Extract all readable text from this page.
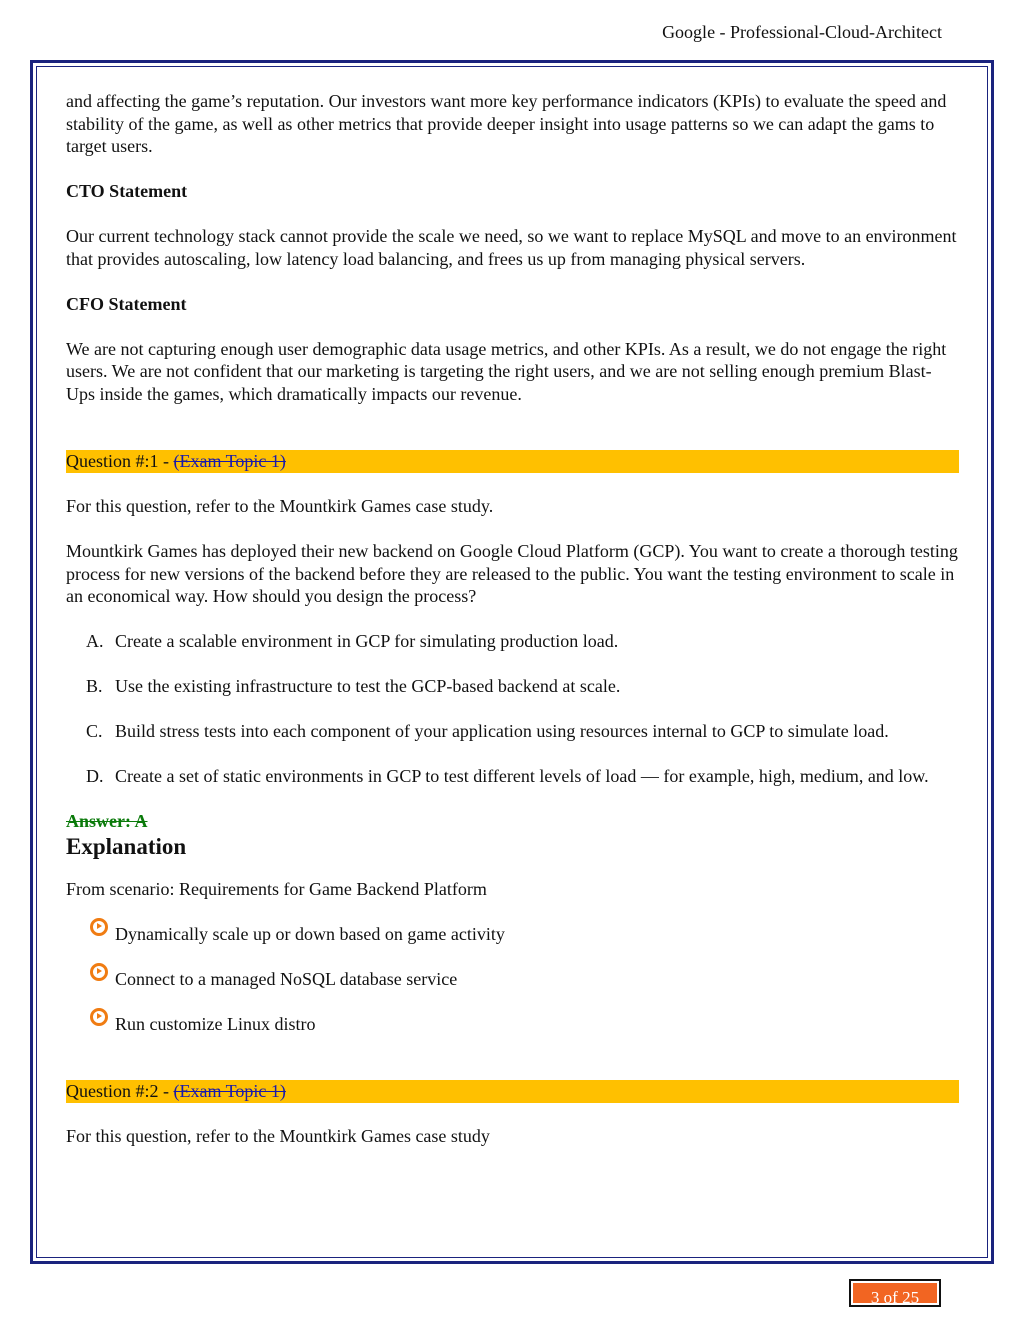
Google - Professional-Cloud-Architect

and affecting the game’s reputation. Our investors want more key performance indicators (KPIs) to evaluate the speed and stability of the game, as well as other metrics that provide deeper insight into usage patterns so we can adapt the gams to target users.

CTO Statement

Our current technology stack cannot provide the scale we need, so we want to replace MySQL and move to an environment that provides autoscaling, low latency load balancing, and frees us up from managing physical servers.

CFO Statement

We are not capturing enough user demographic data usage metrics, and other KPIs. As a result, we do not engage the right users. We are not confident that our marketing is targeting the right users, and we are not selling enough premium Blast-Ups inside the games, which dramatically impacts our revenue.

Question #:1 - (Exam Topic 1)

For this question, refer to the Mountkirk Games case study.

Mountkirk Games has deployed their new backend on Google Cloud Platform (GCP). You want to create a thorough testing process for new versions of the backend before they are released to the public. You want the testing environment to scale in an economical way. How should you design the process?

A. Create a scalable environment in GCP for simulating production load.
B. Use the existing infrastructure to test the GCP-based backend at scale.
C. Build stress tests into each component of your application using resources internal to GCP to simulate load.
D. Create a set of static environments in GCP to test different levels of load — for example, high, medium, and low.

Answer: A

Explanation

From scenario: Requirements for Game Backend Platform

Dynamically scale up or down based on game activity
Connect to a managed NoSQL database service
Run customize Linux distro
Question #:2 - (Exam Topic 1)

For this question, refer to the Mountkirk Games case study

3 of 25
